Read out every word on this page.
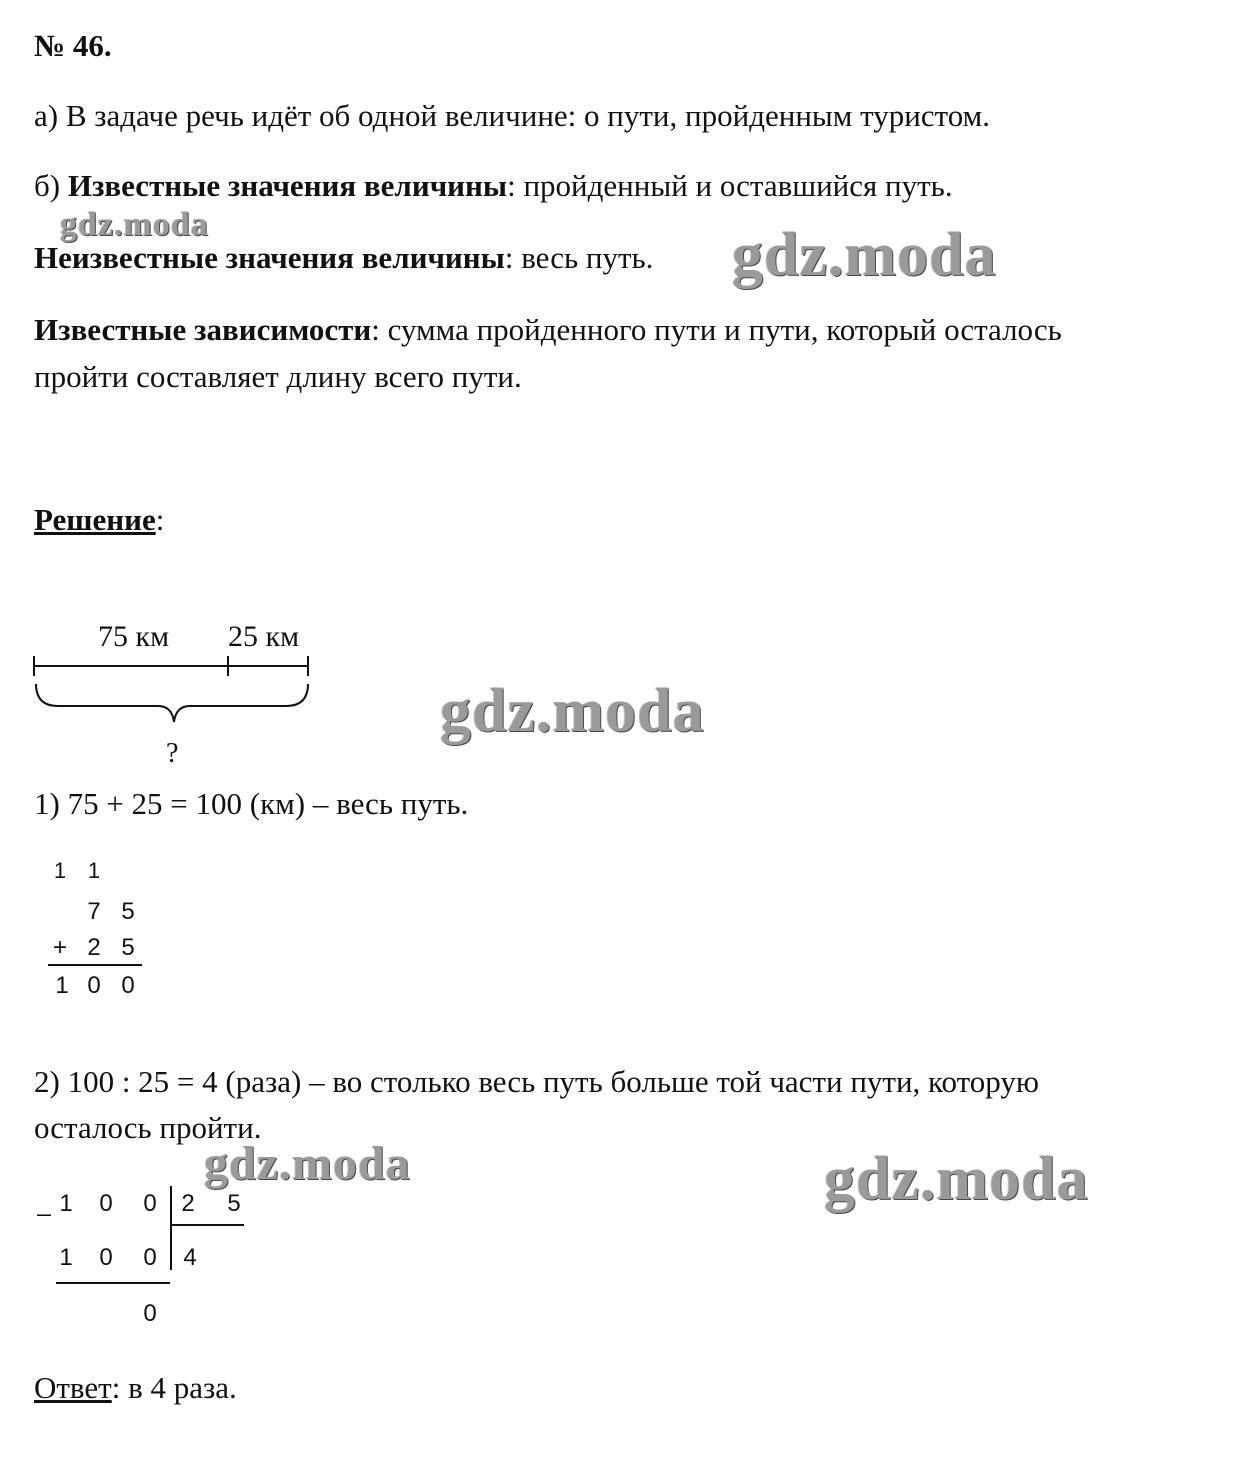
№ 46.
а) В задаче речь идёт об одной величине: о пути, пройденным туристом.
б) Известные значения величины: пройденный и оставшийся путь.
Неизвестные значения величины: весь путь.
Известные зависимости: сумма пройденного пути и пути, который осталось
пройти составляет длину всего пути.
Решение:
75 км 25 км
?
1) 75 + 25 = 100 (км) – весь путь.
1 1
7 5
+ 2 5
1 0 0
2) 100 : 25 = 4 (раза) – во столько весь путь больше той части пути, которую
осталось пройти.
_ 1 0 0 2 5
1 0 0 4
0
Ответ: в 4 раза.
gdz.moda	gdz.moda
gdz.moda
gdz.moda	gdz.moda
